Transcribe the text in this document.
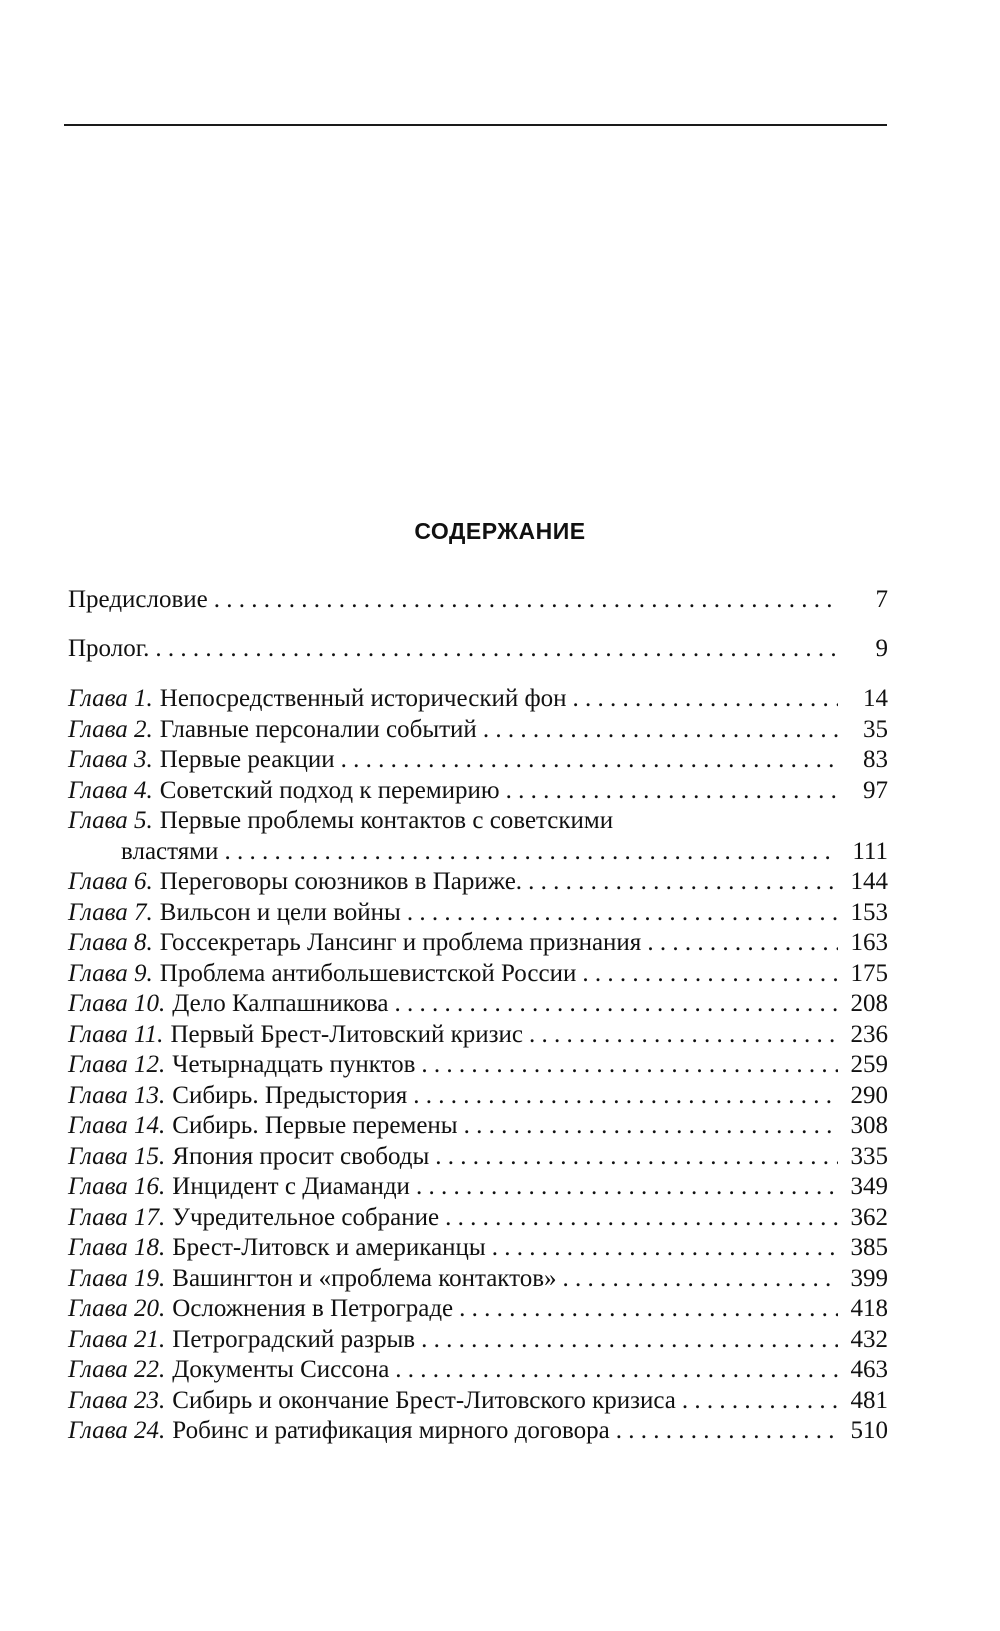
СОДЕРЖАНИЕ
Предисловие . . .	7
Пролог. . . .	9
Глава 1. Непосредственный исторический фон . . .	14
Глава 2. Главные персоналии событий . . .	35
Глава 3. Первые реакции . . .	83
Глава 4. Советский подход к перемирию . . .	97
Глава 5. Первые проблемы контактов с советскими
властями . . .	111
Глава 6. Переговоры союзников в Париже. . . .	144
Глава 7. Вильсон и цели войны . . .	153
Глава 8. Госсекретарь Лансинг и проблема признания . . .	163
Глава 9. Проблема антибольшевистской России . . .	175
Глава 10. Дело Калпашникова . . .	208
Глава 11. Первый Брест-Литовский кризис . . .	236
Глава 12. Четырнадцать пунктов . . .	259
Глава 13. Сибирь. Предыстория . . .	290
Глава 14. Сибирь. Первые перемены . . .	308
Глава 15. Япония просит свободы . . .	335
Глава 16. Инцидент с Диаманди . . .	349
Глава 17. Учредительное собрание . . .	362
Глава 18. Брест-Литовск и американцы . . .	385
Глава 19. Вашингтон и «проблема контактов» . . .	399
Глава 20. Осложнения в Петрограде . . .	418
Глава 21. Петроградский разрыв . . .	432
Глава 22. Документы Сиссона . . .	463
Глава 23. Сибирь и окончание Брест-Литовского кризиса . . .	481
Глава 24. Робинс и ратификация мирного договора . . .	510
